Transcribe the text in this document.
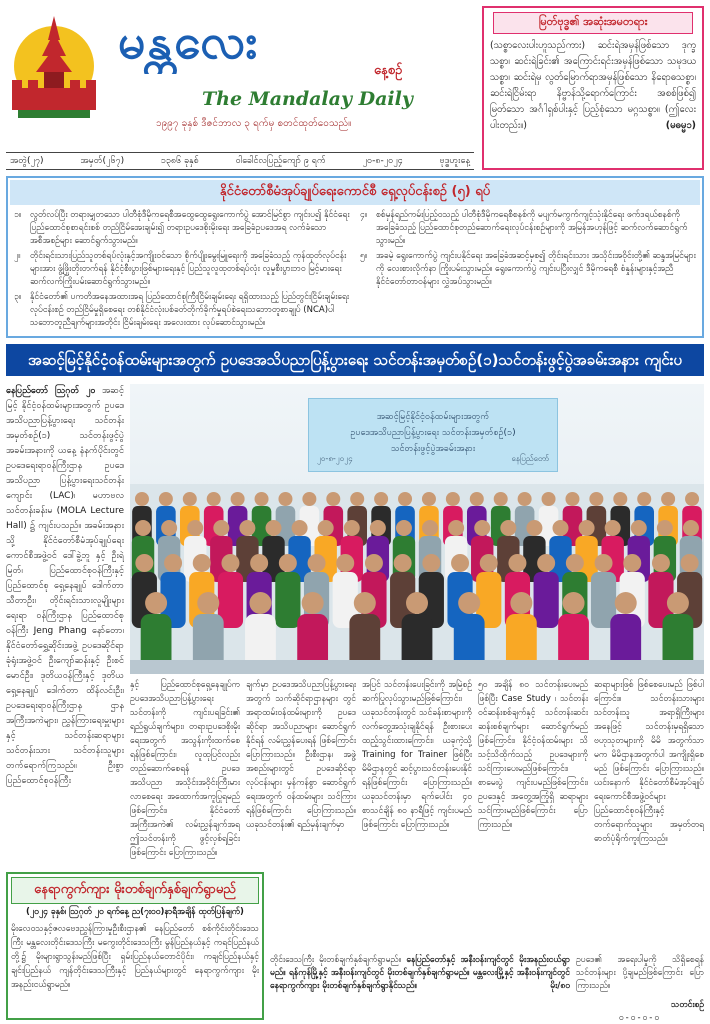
မန္တလေး
နေ့စဉ်
The Mandalay Daily
၁၉၉၇ ခုနှစ် ဒီဇင်ဘာလ ၃ ရက်မှ စတင်ထုတ်ဝေသည်။
အတွဲ(၂၇)	အမှတ်(၂၆၇)	၁၃၈၆ ခုနှစ်	ဝါခေါင်လပြည့်ကျော် ၉ ရက်	၂၀-၈-၂၀၂၄	ဗုဒ္ဓဟူးနေ့
မြတ်ဗုဒ္ဓ၏ အဆုံးအမတရား
(သစ္စာလေးပါးဟူသည်ကား) ဆင်းရဲအမှန်ဖြစ်သော ဒုက္ခသစ္စာ၊ ဆင်းရဲခြင်း၏ အကြောင်းရင်းအမှန်ဖြစ်သော သမုဒယသစ္စာ၊ ဆင်းရဲမှ လွတ်မြောက်ရာအမှန်ဖြစ်သော နိရောဓသစ္စာ၊ ဆင်းရဲငြိမ်းရာ နိဗ္ဗာန်သို့ရောက်ကြောင်း အစစ်ဖြစ်၍ မြတ်သော အင်္ဂါရှစ်ပါးနှင့် ပြည့်စုံသော မဂ္ဂသစ္စာ။ (ဤလေးပါးတည်း။)	(မဓမ္မ၁)
နိုင်ငံတော်စီမံအုပ်ချုပ်ရေးကောင်စီ ရှေ့လုပ်ငန်းစဉ် (၅) ရပ်
၁။	လွတ်လပ်ပြီး တရားမျှတသော ပါတီစုံဒီမိုကရေစီအထွေထွေရွေးကောက်ပွဲ အောင်မြင်စွာ ကျင်းပ၍ နိုင်ငံရေး ပြည်ထောင်စုစာရင်းစစ် တည်ငြိမ်အေးချမ်း၍ တရားဥပဒေစိုးမိုးရေး အခြေခံဥပဒေအရ လက်ခံသော အစီအစဉ်များ ဆောင်ရွက်သွားမည်။
၂။	တိုင်းရင်းသားပြည်သူတစ်ရပ်လုံးနှင့်အကျိုးဝင်သော စိုက်ပျိုးမွေးမြူရေးကို အခြေခံသည့် ကုန်ထုတ်လုပ်ငန်းများအား ဖွံ့ဖြိုးတိုးတက်ရန် နိုင်ငံ့စီးပွားဖြစ်များရေးနှင့် ပြည်သူလူထုတစ်ရပ်လုံး လူမှုစီးပွားဘဝ မြင့်မားရေး ဆက်လက်ကြိုးပမ်းဆောင်ရွက်သွားမည်။
၃။	နိုင်ငံတော်၏ ပကတိအနေအထားအရ ပြည်ထောင်စုကြီးငြိမ်းချမ်းရေး ရရှိထားသည့် ပြည်တွင်းငြိမ်းချမ်းရေးလုပ်ငန်းစဉ် တည်ငြိမ်မှုရှိစေရေး တစ်နိုင်ငံလုံးပစ်ခတ်တိုက်ခိုက်မှုရပ်စဲရေးသဘောတူစာချုပ် (NCA)ပါ သဘောတူညီချက်များအတိုင်း ငြိမ်းချမ်းရေး အလေးထား လုပ်ဆောင်သွားမည်။
၄။	စစ်မှန်ရည်ကမ်းပြည့်ဝသည့် ပါတီစုံဒီမိုကရေစီစနစ်ကို မပျက်မကွက်ကျင့်သုံးနိုင်ရေး ဖက်ဒရယ်စနစ်ကို အခြေခံသည့် ပြည်ထောင်စုတည်ဆောက်ရေးလုပ်ငန်းစဉ်များကို အမြန်အဟုန်ဖြင့် ဆက်လက်ဆောင်ရွက်သွားမည်။
၅။	အခမဲ့ ရွေးကောက်ပွဲ ကျင်းပနိုင်ရေး အခြေခံအဆင့်မှစ၍ တိုင်းရင်းသား အသိုင်းအဝိုင်းတို့၏ ဆန္ဒအမြင်များကို လေးစားလိုက်နာ ကြိုးပမ်းသွားမည်။ ရွေးကောက်ပွဲ ကျင်းပပြီးလျှင် ဒီမိုကရေစီ စံနှုန်းများနှင့်အညီ နိုင်ငံတော်တာဝန်များ လွှဲအပ်သွားမည်။
အဆင့်မြင့်နိုင်ငံ့ဝန်ထမ်းများအတွက် ဥပဒေအသိပညာပြန့်ပွားရေး သင်တန်းအမှတ်စဉ်(၁)သင်တန်းဖွင့်ပွဲအခမ်းအနား ကျင်းပ
နေပြည်တော် သြဂုတ် ၂၀ အဆင့်မြင့် နိုင်ငံ့ဝန်ထမ်းများအတွက် ဥပဒေအသိပညာပြန့်ပွားရေး သင်တန်းအမှတ်စဉ်(၁) သင်တန်းဖွင့်ပွဲအခမ်းအနားကို ယနေ့ နံနက်ပိုင်းတွင် ဥပဒေရေးရာဝန်ကြီးဌာန ဥပဒေအသိပညာ ပြန့်ပွားရေးသင်တန်းကျောင်း (LAC)၊ မဟာဗလ သင်တန်းခန်းမ (MOLA Lecture Hall) ၌ ကျင်းပသည်။ အခမ်းအနားသို့ နိုင်ငံတော်စီမံအုပ်ချုပ်ရေးကောင်စီအဖွဲ့ဝင် ဒေါ်ခွဲ့ဘူ နှင့် ဦးရဲမြတ်၊ ပြည်ထောင်စုဝန်ကြီးနှင့် ပြည်ထောင်စု ရှေ့နေချုပ် ဒေါက်တာသီတာဦး၊ တိုင်းရင်းသားလူမျိုးများရေးရာ ဝန်ကြီးဌာန ပြည်ထောင်စုဝန်ကြီး Jeng Phang နော်တော၊ နိုင်ငံတော်ရွှေ့ဆိုင်းအဖွဲ့ ဥပဒေဆိုင်ရာ ခုံရုံးအဖွဲ့ဝင် ဦးကျော်ဆန်းနှင့် ဦးစင်မောင်ဦး၊ ဒုတိယဝန်ကြီးနှင့် ဒုတိယရှေ့နေချုပ် ဒေါက်တာ ထိန်လင်းဦး၊ ဥပဒေရေးရာဝန်ကြီးဌာန ဌာနအကြီးအကဲများ၊ ညွှန်ကြားရေးမှူးများနှင့် သင်တန်းဆရာများ သင်တန်းသား သင်တန်းသူများ တက်ရောက်ကြသည်။ ဦးစွာ ပြည်ထောင်စုဝန်ကြီး
အဆင့်မြင့်နိုင်ငံ့ဝန်ထမ်းများအတွက်
ဥပဒေအသိပညာပြန့်ပွားရေး သင်တန်းအမှတ်စဉ်(၁)
သင်တန်းဖွင့်ပွဲအခမ်းအနား
၂၀-၈-၂၀၂၄	နေပြည်တော်
နှင့် ပြည်ထောင်စုရှေ့နေချုပ်က ဥပဒေအသိပညာပြန့်ပွားရေးသင်တန်းကို ကျင်းပရခြင်း၏ ရည်ရွယ်ချက်များ၊ တရားဥပဒေစိုးမိုးရေးအတွက် အသွန်းကိုးထက်စေရန်ဖြစ်ကြောင်း၊ လူထုပြင်လည်းတည်ဆောက်စေရန် ဥပဒေအသိပညာ အသိုင်းအဝိုင်းကြီးမားလာစေရေး အထောက်အကူပြုရမည်ဖြစ်ကြောင်း၊ နိုင်ငံတော်အကြီးအကဲ၏ လမ်းညွှန်ချက်အရ ဤသင်တန်းကို ဖွင့်လှစ်ရခြင်းဖြစ်ကြောင်း ပြောကြားသည်။
ချက်မှာ ဥပဒေအသိပညာပြန့်ပွားရေးအတွက် သက်ဆိုင်ရာဌာနများ တွင် အရာထမ်းဝန်ထမ်းများကို ဥပဒေဆိုင်ရာ အသိပညာများ ဆောင်ရွက်နိုင်ရန် လမ်းညွှန်ပေးရန် ဖြစ်ကြောင်း ပြောကြားသည်။ ဦးစီးဌာန၊ အဖွဲ့အစည်းများတွင် ဥပဒေဆိုင်ရာလုပ်ငန်းများ မှန်ကန်စွာ ဆောင်ရွက်ရေးအတွက် ဝန်ထမ်းများ သင်ကြားရန်ဖြစ်ကြောင်း ပြောကြားသည်။ ယခုသင်တန်း၏ ရည်မှန်းချက်မှာ
အပြင် သင်တန်းပေးခြင်းကို အမြဲစဉ်ဆက်ပြုလုပ်သွားမည်ဖြစ်ကြောင်း၊ ယခုသင်တန်းတွင် သင်ခန်းစာများကို လက်တွေ့အသုံးချနိုင်ရန် ဦးစားပေးထည့်သွင်းထားကြောင်း၊ ယခုကဲ့သို့ Training for Trainer ဖြစ်ပြီး မိမိဌာနတွင် ဆင့်ပွားသင်တန်းပေးနိုင်ရန်ဖြစ်ကြောင်း ပြောကြားသည်။ ယခုသင်တန်းမှာ ရက်ပေါင်း ၄၀ စာသင်ချိန် ၈၀ နာရီဖြင့် ကျင်းပမည်ဖြစ်ကြောင်း ပြောကြားသည်။
၅၀ အချိန် ၈၀ သင်တန်းပေးမည် ဖြစ်ပြီး Case Study ၊ သင်တန်းဝင်ဆန်းစစ်ချက်နှင့် သင်တန်းဆင်းဆန်းစစ်ချက်များ ဆောင်ရွက်မည်ဖြစ်ကြောင်း၊ နိုင်ငံ့ဝန်ထမ်းများ သိသင့်သိထိုက်သည့် ဥပဒေများကို သင်ကြားပေးမည်ဖြစ်ကြောင်း၊ စာမေးပွဲ ကျင်းပမည်ဖြစ်ကြောင်း၊ ဥပဒေနှင့် အတွေ့အကြုံရှိ ဆရာများ သင်ကြားမည်ဖြစ်ကြောင်း ပြောကြားသည်။
ဆရာများဖြစ် ဖြစ်စေပေးမည် ဖြစ်ပါကြောင်း။ သင်တန်းသားများ သင်တန်းသူ အရာရှိကြီးများအနေဖြင့် သင်တန်းမှရရှိသော ဗဟုသုတများကို မိမိ အတွက်သာမက မိမိဌာနအတွက်ပါ အကျိုးရှိစေမည် ဖြစ်ကြောင်း ပြောကြားသည်။ ယင်းနောက် နိုင်ငံတော်စီမံအုပ်ချုပ်ရေးကောင်စီအဖွဲ့ဝင်များ ပြည်ထောင်စုဝန်ကြီးနှင့် တက်ရောက်သူများ အမှတ်တရ ဓာတ်ပုံရိုက်ကူးကြသည်။
နေရာကွက်ကျား မိုးတစ်ချက်နှစ်ချက်ရွာမည်
(၂၀၂၄ ခုနှစ်၊ သြဂုတ် ၂၀ ရက်နေ့ ည(၇း၀၀)နာရီအချိန် ထုတ်ပြန်ချက်)
မိုးလေဝသနှင့်ဇလဗေဒညွှန်ကြားမှုဦးစီးဌာန၏ နေပြည်တော် စစ်ကိုင်းတိုင်းဒေသကြီး မန္တလေးတိုင်းဒေသကြီး မကွေးတိုင်းဒေသကြီး မွန်ပြည်နယ်နှင့် ကရင်ပြည်နယ် တို့၌ မိုးများရွာသွန်းမည်ဖြစ်ပြီး ရှမ်းပြည်နယ်တောင်ပိုင်း၊ ကချင်ပြည်နယ်နှင့် ချင်းပြည်နယ် ကျန်တိုင်းဒေသကြီးနှင့် ပြည်နယ်များတွင် နေရာကွက်ကျား မိုးအနည်းငယ်ရွာမည်။
တိုင်းဒေသကြီး မိုးတစ်ချက်နှစ်ချက်ရွာမည်။ နေပြည်တော်နှင့် အနီးဝန်းကျင်တွင် မိုးအနည်းငယ်ရွာမည်။ ရန်ကုန်မြို့နှင့် အနီးဝန်းကျင်တွင် မိုးတစ်ချက်နှစ်ချက်ရွာမည်။ မန္တလေးမြို့နှင့် အနီးဝန်းကျင်တွင် နေရာကွက်ကျား မိုးတစ်ချက်နှစ်ချက်ရွာနိုင်သည်။	မိုး/၈၀
ဥပဒေ၏ အရေးပါမှုကို သိရှိစေရန် သင်တန်းများ ပို့ချမည်ဖြစ်ကြောင်း ပြောကြားသည်။
သတင်းစဉ်
၀-၀-၀-၀
